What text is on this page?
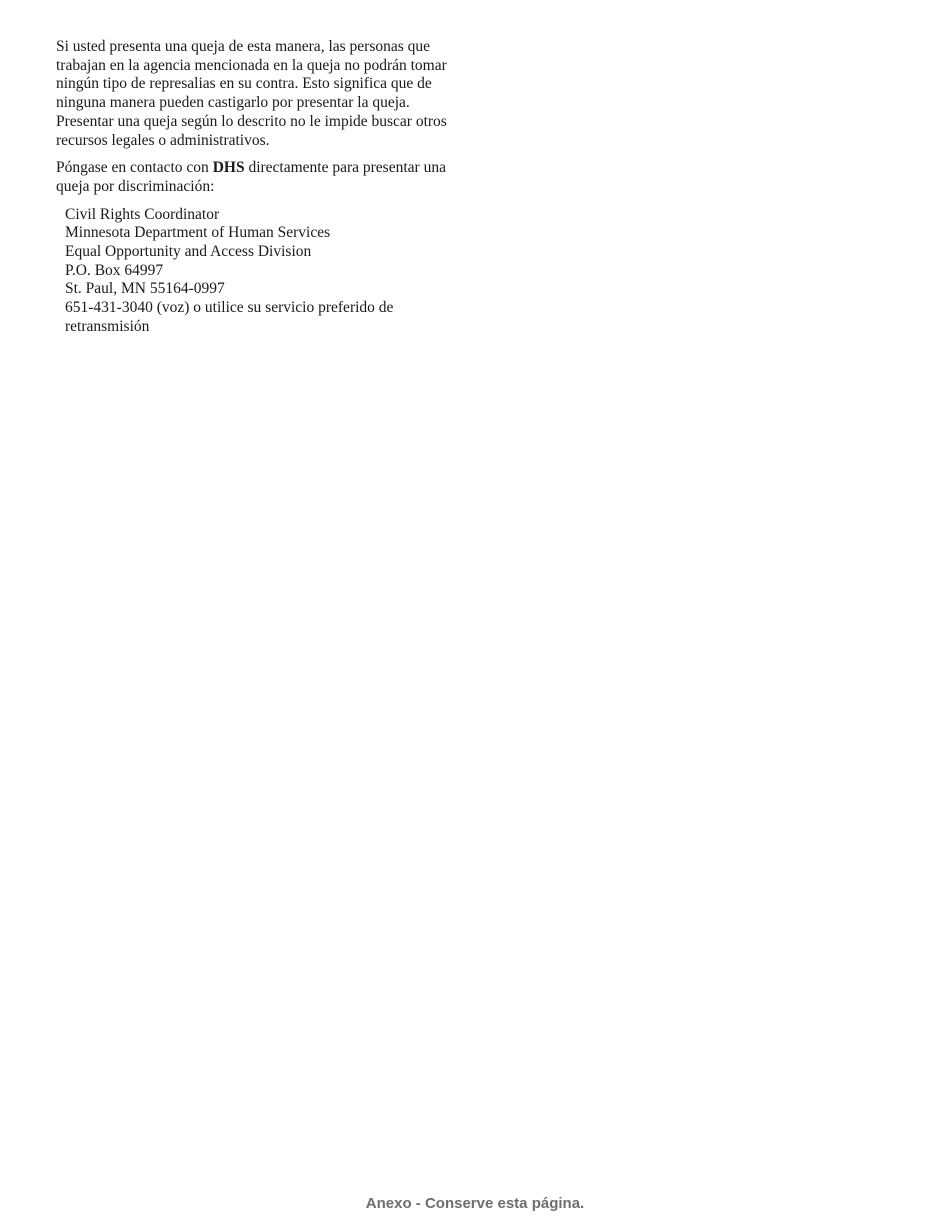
Si usted presenta una queja de esta manera, las personas que trabajan en la agencia mencionada en la queja no podrán tomar ningún tipo de represalias en su contra. Esto significa que de ninguna manera pueden castigarlo por presentar la queja. Presentar una queja según lo descrito no le impide buscar otros recursos legales o administrativos.

Póngase en contacto con DHS directamente para presentar una queja por discriminación:

Civil Rights Coordinator
Minnesota Department of Human Services
Equal Opportunity and Access Division
P.O. Box 64997
St. Paul, MN 55164-0997
651-431-3040 (voz) o utilice su servicio preferido de retransmisión
Anexo - Conserve esta página.
